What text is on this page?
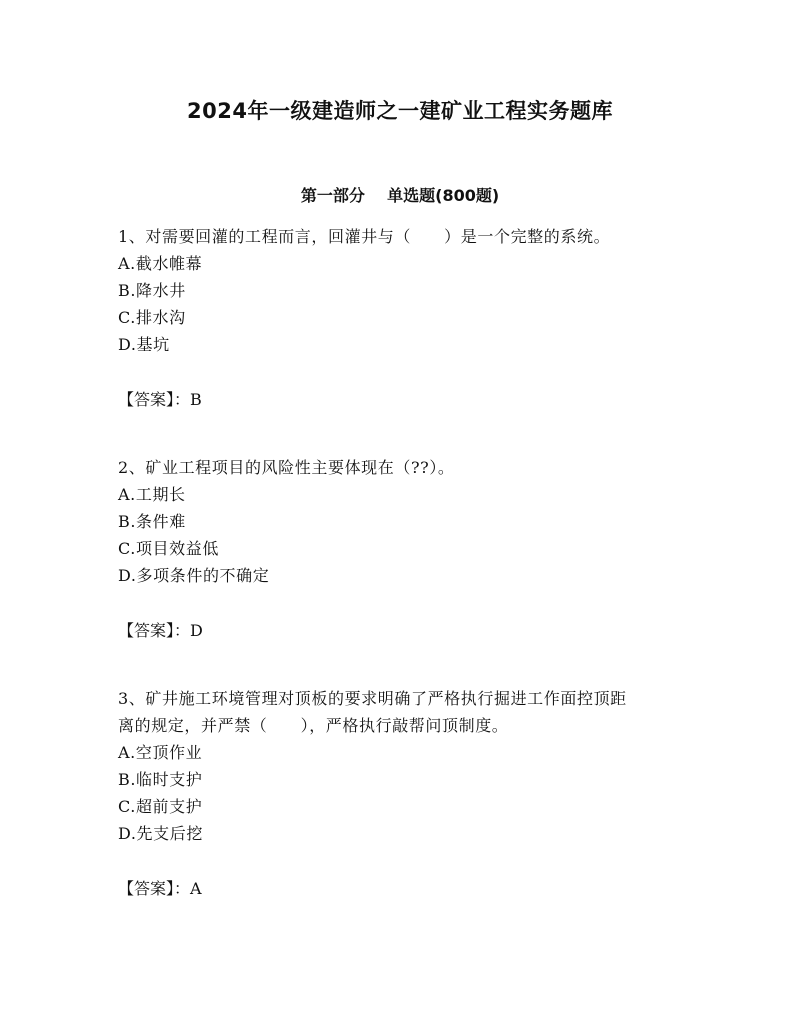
2024年一级建造师之一建矿业工程实务题库
第一部分    单选题(800题)
1、对需要回灌的工程而言，回灌井与（　　）是一个完整的系统。
A.截水帷幕
B.降水井
C.排水沟
D.基坑
【答案】：B
2、矿业工程项目的风险性主要体现在（??）。
A.工期长
B.条件难
C.项目效益低
D.多项条件的不确定
【答案】：D
3、矿井施工环境管理对顶板的要求明确了严格执行掘进工作面控顶距
离的规定，并严禁（　　），严格执行敲帮问顶制度。
A.空顶作业
B.临时支护
C.超前支护
D.先支后挖
【答案】：A
